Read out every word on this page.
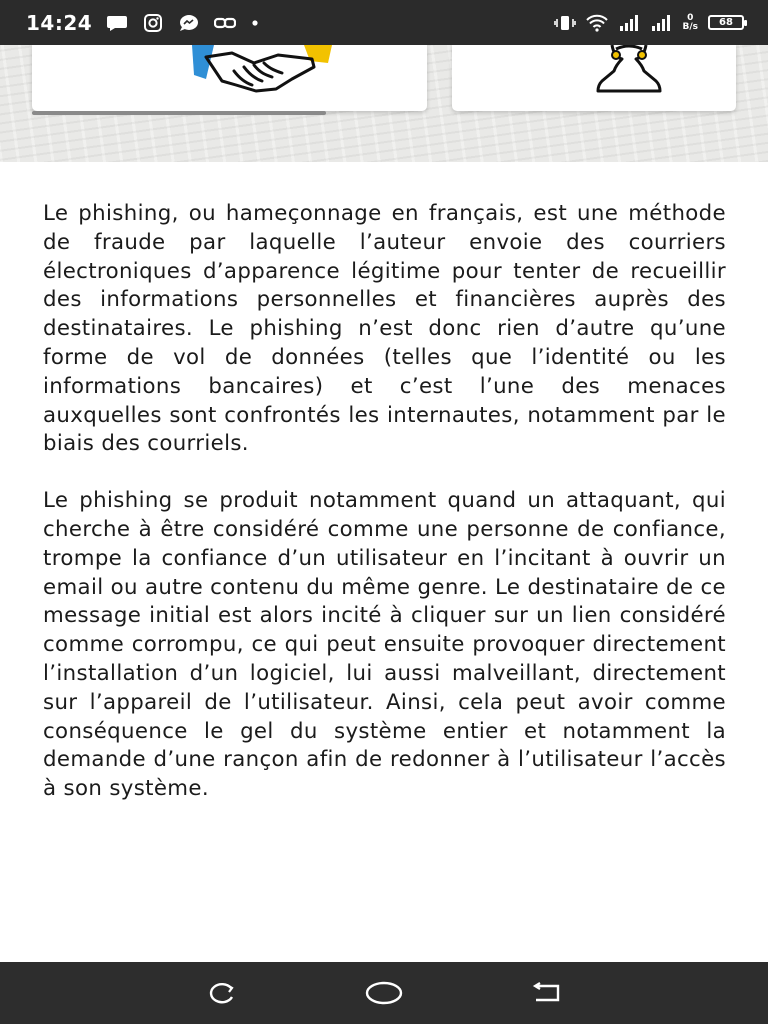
14:24	0
B/s 68

Le phishing, ou hameçonnage en français, est une méthode de fraude par laquelle l’auteur envoie des courriers électroniques d’apparence légitime pour tenter de recueillir des informations personnelles et financières auprès des destinataires. Le phishing n’est donc rien d’autre qu’une forme de vol de données (telles que l’identité ou les informations bancaires) et c’est l’une des menaces auxquelles sont confrontés les internautes, notamment par le biais des courriels.

Le phishing se produit notamment quand un attaquant, qui cherche à être considéré comme une personne de confiance, trompe la confiance d’un utilisateur en l’incitant à ouvrir un email ou autre contenu du même genre. Le destinataire de ce message initial est alors incité à cliquer sur un lien considéré comme corrompu, ce qui peut ensuite provoquer directement l’installation d’un logiciel, lui aussi malveillant, directement sur l’appareil de l’utilisateur. Ainsi, cela peut avoir comme conséquence le gel du système entier et notamment la demande d’une rançon afin de redonner à l’utilisateur l’accès à son système.
